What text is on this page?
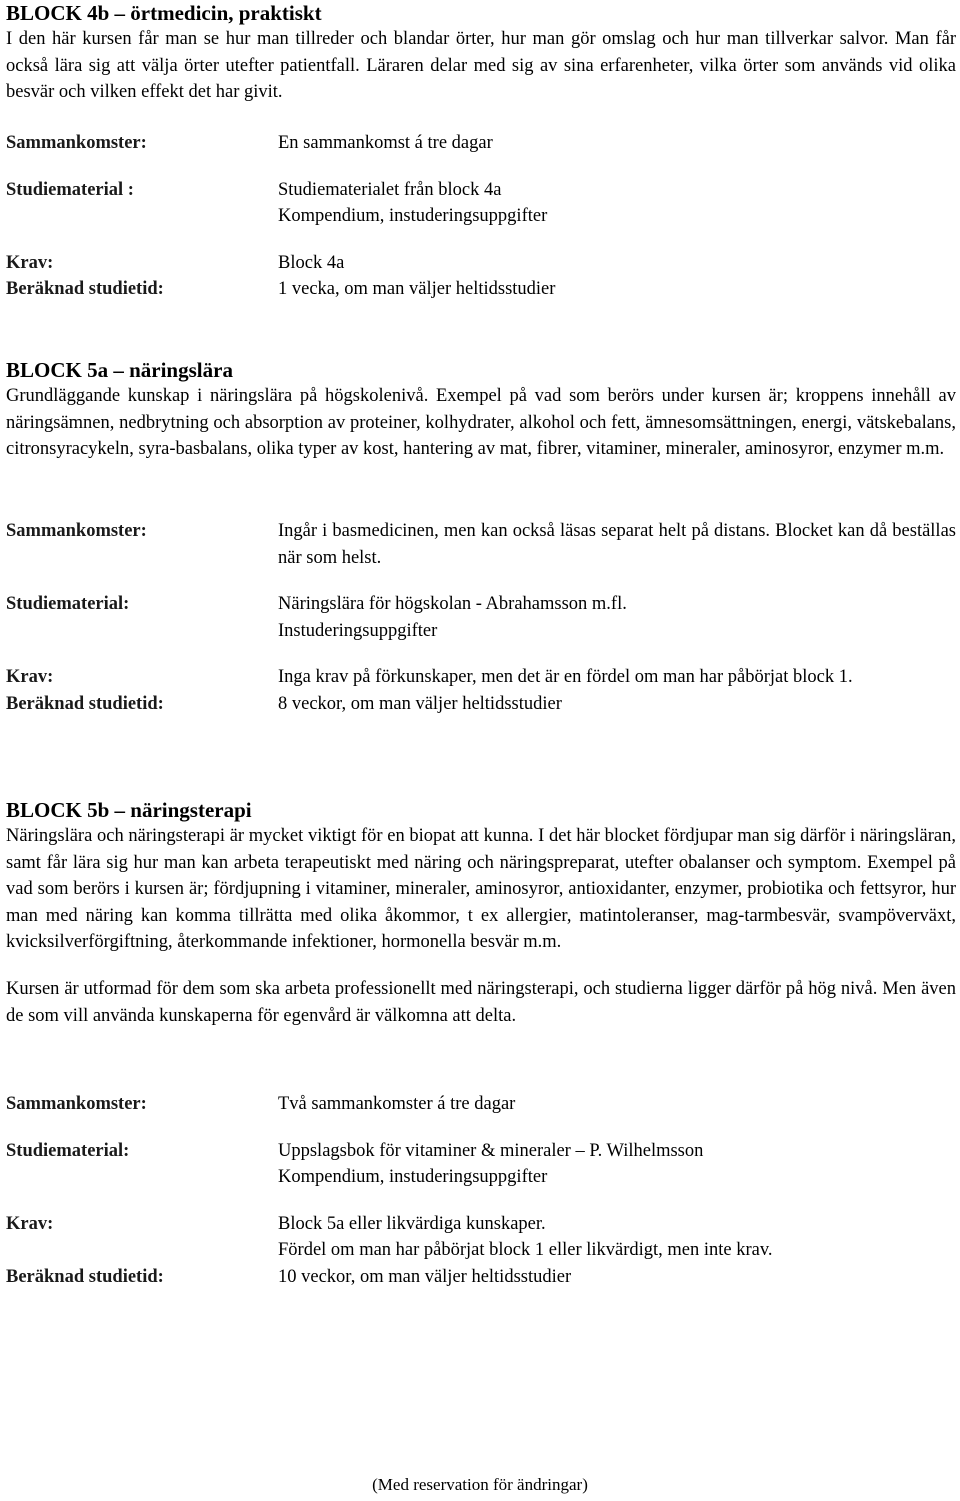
BLOCK 4b – örtmedicin, praktiskt

I den här kursen får man se hur man tillreder och blandar örter, hur man gör omslag och hur man tillverkar salvor. Man får också lära sig att välja örter utefter patientfall. Läraren delar med sig av sina erfarenheter, vilka örter som används vid olika besvär och vilken effekt det har givit.

Sammankomster:	En sammankomst á tre dagar
Studiematerial :	Studiematerialet från block 4a
Kompendium, instuderingsuppgifter
Krav:	Block 4a
Beräknad studietid:	1 vecka, om man väljer heltidsstudier
BLOCK 5a – näringslära

Grundläggande kunskap i näringslära på högskolenivå. Exempel på vad som berörs under kursen är; kroppens innehåll av näringsämnen, nedbrytning och absorption av proteiner, kolhydrater, alkohol och fett, ämnesomsättningen, energi, vätskebalans, citronsyracykeln, syra-basbalans, olika typer av kost, hantering av mat, fibrer, vitaminer, mineraler, aminosyror, enzymer m.m.

Sammankomster:	Ingår i basmedicinen, men kan också läsas separat helt på distans. Blocket kan då beställas när som helst.
Studiematerial:	Näringslära för högskolan - Abrahamsson m.fl.
Instuderingsuppgifter
Krav:	Inga krav på förkunskaper, men det är en fördel om man har påbörjat block 1.
Beräknad studietid:	8 veckor, om man väljer heltidsstudier
BLOCK 5b – näringsterapi

Näringslära och näringsterapi är mycket viktigt för en biopat att kunna. I det här blocket fördjupar man sig därför i näringsläran, samt får lära sig hur man kan arbeta terapeutiskt med näring och näringspreparat, utefter obalanser och symptom. Exempel på vad som berörs i kursen är; fördjupning i vitaminer, mineraler, aminosyror, antioxidanter, enzymer, probiotika och fettsyror, hur man med näring kan komma tillrätta med olika åkommor, t ex allergier, matintoleranser, mag-tarmbesvär, svampöverväxt, kvicksilverförgiftning, återkommande infektioner, hormonella besvär m.m.

Kursen är utformad för dem som ska arbeta professionellt med näringsterapi, och studierna ligger därför på hög nivå. Men även de som vill använda kunskaperna för egenvård är välkomna att delta.

Sammankomster:	Två sammankomster á tre dagar
Studiematerial:	Uppslagsbok för vitaminer & mineraler – P. Wilhelmsson
Kompendium, instuderingsuppgifter
Krav:	Block 5a eller likvärdiga kunskaper.
Fördel om man har påbörjat block 1 eller likvärdigt, men inte krav.
Beräknad studietid:	10 veckor, om man väljer heltidsstudier
(Med reservation för ändringar)
